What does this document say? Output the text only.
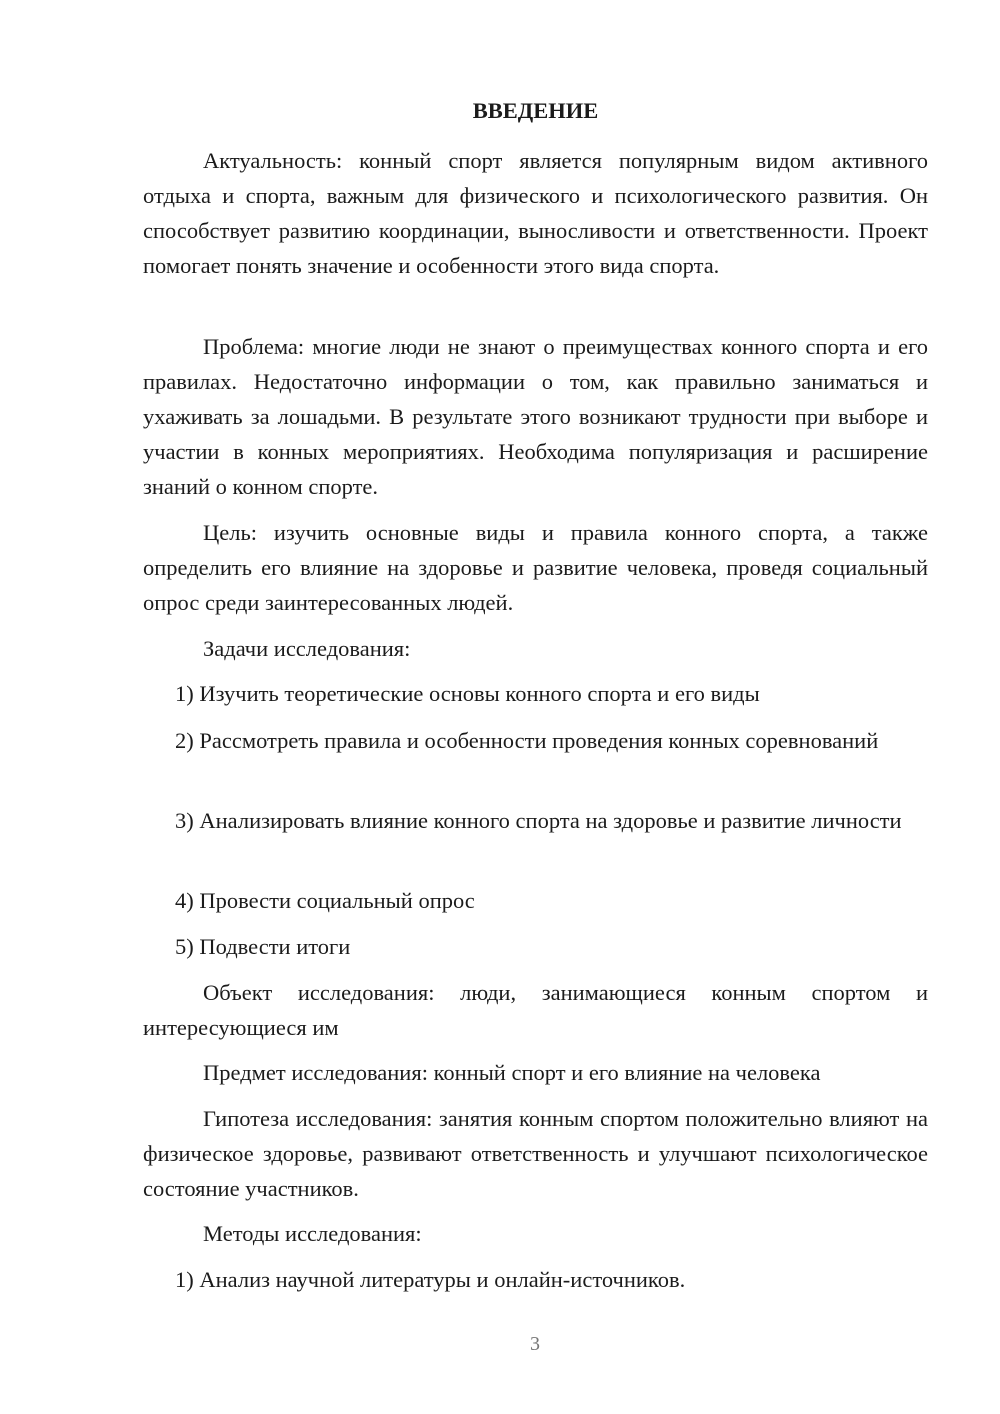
ВВЕДЕНИЕ

Актуальность: конный спорт является популярным видом активного отдыха и спорта, важным для физического и психологического развития. Он способствует развитию координации, выносливости и ответственности. Проект помогает понять значение и особенности этого вида спорта.

Проблема: многие люди не знают о преимуществах конного спорта и его правилах. Недостаточно информации о том, как правильно заниматься и ухаживать за лошадьми. В результате этого возникают трудности при выборе и участии в конных мероприятиях. Необходима популяризация и расширение знаний о конном спорте.

Цель: изучить основные виды и правила конного спорта, а также определить его влияние на здоровье и развитие человека, проведя социальный опрос среди заинтересованных людей.

Задачи исследования:

1) Изучить теоретические основы конного спорта и его виды

2) Рассмотреть правила и особенности проведения конных соревнований

3) Анализировать влияние конного спорта на здоровье и развитие личности

4) Провести социальный опрос

5) Подвести итоги

Объект исследования: люди, занимающиеся конным спортом и интересующиеся им

Предмет исследования: конный спорт и его влияние на человека

Гипотеза исследования: занятия конным спортом положительно влияют на физическое здоровье, развивают ответственность и улучшают психологическое состояние участников.

Методы исследования:

1) Анализ научной литературы и онлайн-источников.

3
